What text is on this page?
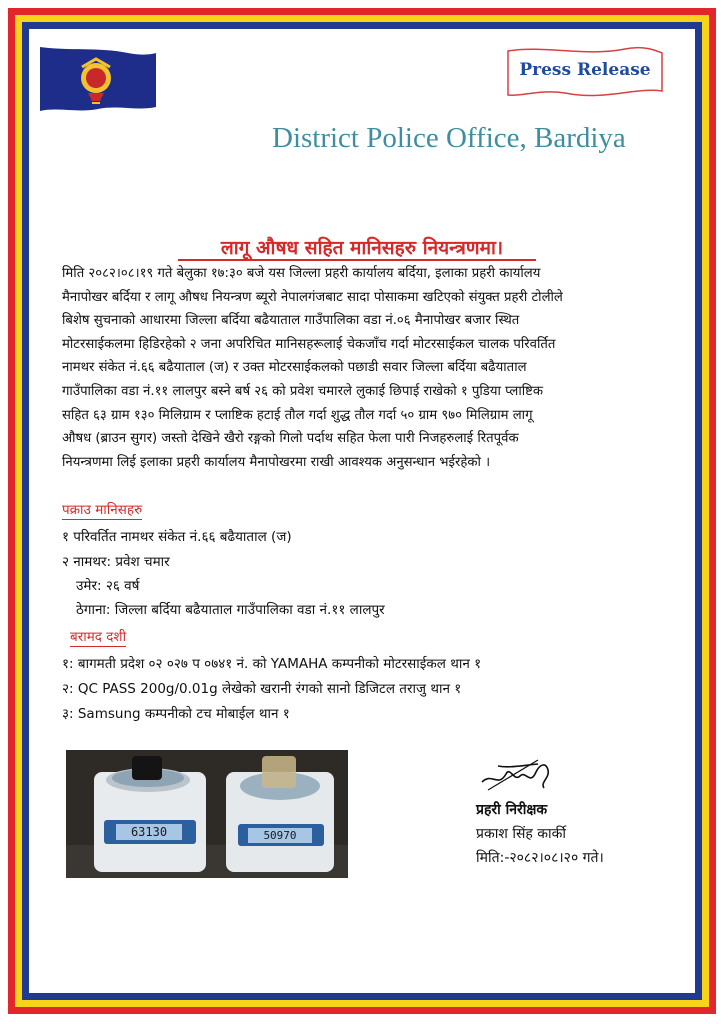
Press Release
District Police Office, Bardiya
लागू औषध सहित मानिसहरु नियन्त्रणमा।
मिति २०८२।०८।१९ गते बेलुका १७:३० बजे यस जिल्ला प्रहरी कार्यालय बर्दिया, इलाका प्रहरी कार्यालय
मैनापोखर बर्दिया र लागू औषध नियन्त्रण ब्यूरो नेपालगंजबाट सादा पोसाकमा खटिएको संयुक्त प्रहरी टोलीले
बिशेष सुचनाको आधारमा जिल्ला बर्दिया बढैयाताल गाउँपालिका वडा नं.०६ मैनापोखर बजार स्थित
मोटरसाईकलमा हिडिरहेको २ जना अपरिचित मानिसहरूलाई चेकजाँच गर्दा मोटरसाईकल चालक परिवर्तित
नामथर संकेत नं.६६ बढैयाताल (ज) र उक्त मोटरसाईकलको पछाडी सवार जिल्ला बर्दिया बढैयाताल
गाउँपालिका वडा नं.११ लालपुर बस्ने बर्ष २६ को प्रवेश चमारले लुकाई छिपाई राखेको १ पुडिया प्लाष्टिक
सहित ६३ ग्राम १३० मिलिग्राम र प्लाष्टिक हटाई तौल गर्दा शुद्ध तौल गर्दा ५० ग्राम ९७० मिलिग्राम लागू
औषध (ब्राउन सुगर) जस्तो देखिने खैरो रङ्गको गिलो पर्दाथ सहित फेला पारी निजहरुलाई रितपूर्वक
नियन्त्रणमा लिई इलाका प्रहरी कार्यालय मैनापोखरमा राखी आवश्यक अनुसन्धान भईरहेको ।
पक्राउ मानिसहरु
१ परिवर्तित नामथर संकेत नं.६६ बढैयाताल (ज)
२ नामथर: प्रवेश चमार
उमेर: २६ वर्ष
ठेगाना: जिल्ला बर्दिया बढैयाताल गाउँपालिका वडा नं.११ लालपुर
बरामद दशी
१: बागमती प्रदेश ०२ ०२७ प ०७४१ नं. को YAMAHA कम्पनीको मोटरसाईकल थान १
२: QC PASS 200g/0.01g लेखेको खरानी रंगको सानो डिजिटल तराजु थान १
३: Samsung कम्पनीको टच मोबाईल थान १
63130	50970
प्रहरी निरीक्षक
प्रकाश सिंह कार्की
मिति:-२०८२।०८।२० गते।
